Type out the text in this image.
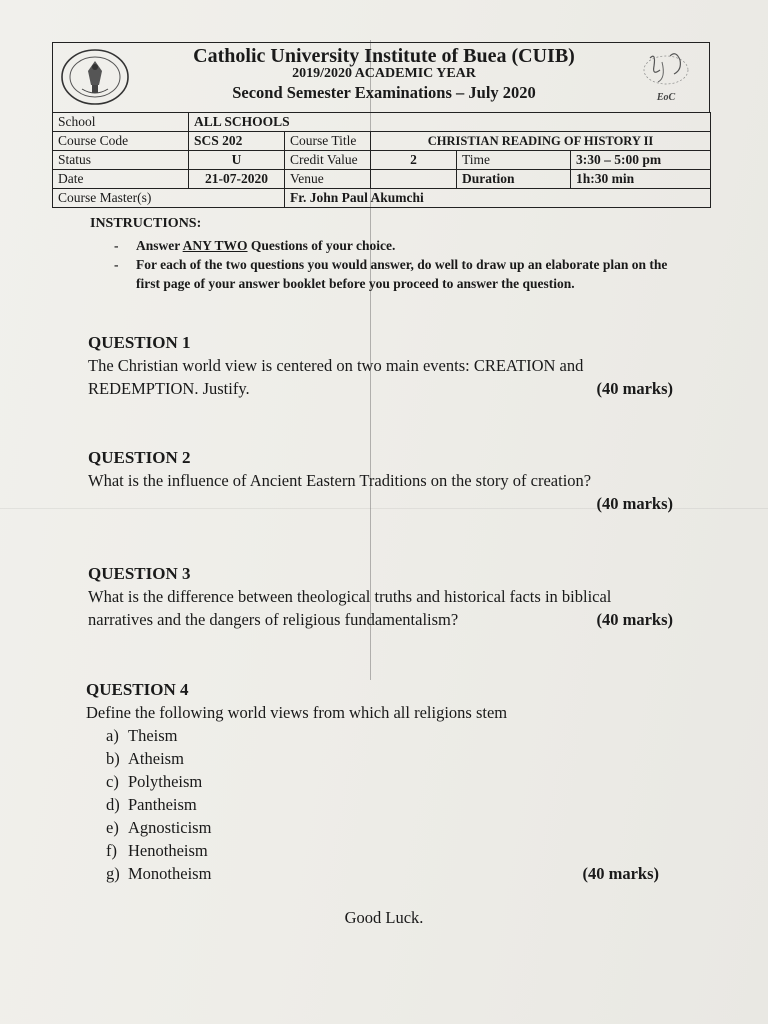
EoC
Catholic University Institute of Buea (CUIB)
2019/2020 ACADEMIC YEAR
Second Semester Examinations – July 2020
School	ALL SCHOOLS				
Course Code	SCS 202	Course Title	CHRISTIAN READING OF HISTORY II		
Status	U	Credit Value	2	Time	3:30 – 5:00 pm
Date	21-07-2020	Venue		Duration	1h:30 min
Course Master(s)		Fr. John Paul Akumchi			
INSTRUCTIONS:
- Answer ANY TWO Questions of your choice.
- For each of the two questions you would answer, do well to draw up an elaborate plan on the first page of your answer booklet before you proceed to answer the question.
QUESTION 1
The Christian world view is centered on two main events: CREATION and REDEMPTION. Justify.	(40 marks)
QUESTION 2
What is the influence of Ancient Eastern Traditions on the story of creation?
(40 marks)
QUESTION 3
What is the difference between theological truths and historical facts in biblical narratives and the dangers of religious fundamentalism?	(40 marks)
QUESTION 4
Define the following world views from which all religions stem
a) Theism
b) Atheism
c) Polytheism
d) Pantheism
e) Agnosticism
f) Henotheism
g) Monotheism	(40 marks)
Good Luck.
